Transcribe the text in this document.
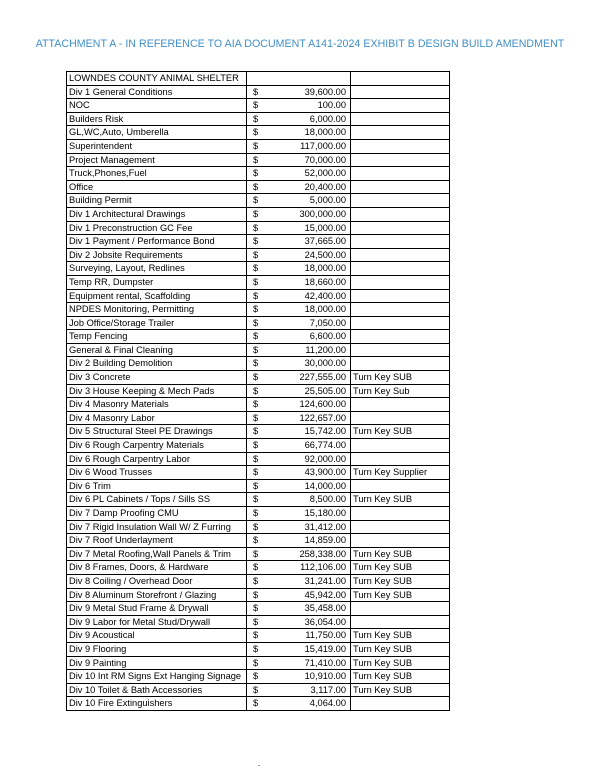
ATTACHMENT A - IN REFERENCE TO AIA DOCUMENT A141-2024 EXHIBIT B DESIGN BUILD AMENDMENT
LOWNDES COUNTY ANIMAL SHELTER		
Div 1 General Conditions	$ 39,600.00	

NOC	$ 100.00	

Builders Risk	$ 6,000.00	

GL,WC,Auto, Umberella	$ 18,000.00	

Superintendent	$ 117,000.00	

Project Management	$ 70,000.00	

Truck,Phones,Fuel	$ 52,000.00	

Office	$ 20,400.00	

Building Permit	$ 5,000.00	

Div 1 Architectural Drawings	$ 300,000.00	

Div 1 Preconstruction GC Fee	$ 15,000.00	

Div 1 Payment / Performance Bond	$ 37,665.00	

Div 2 Jobsite Requirements	$ 24,500.00	

Surveying, Layout, Redlines	$ 18,000.00	

Temp RR, Dumpster	$ 18,660.00	

Equipment rental, Scaffolding	$ 42,400.00	

NPDES Monitoring, Permitting	$ 18,000.00	

Job Office/Storage Trailer	$ 7,050.00	

Temp Fencing	$ 6,600.00	

General & Final Cleaning	$ 11,200.00	

Div 2 Building Demolition	$ 30,000.00	

Div 3 Concrete	$ 227,555.00	Turn Key SUB
Div 3 House Keeping & Mech Pads	$ 25,505.00	Turn Key Sub
Div 4 Masonry Materials	$ 124,600.00	

Div 4 Masonry Labor	$ 122,657.00	

Div 5 Structural Steel PE Drawings	$ 15,742.00	Turn Key SUB
Div 6 Rough Carpentry Materials	$ 66,774.00	

Div 6 Rough Carpentry Labor	$ 92,000.00	

Div 6 Wood Trusses	$ 43,900.00	Turn Key Supplier
Div 6 Trim	$ 14,000.00	

Div 6 PL Cabinets / Tops / Sills SS	$ 8,500.00	Turn Key SUB
Div 7 Damp Proofing CMU	$ 15,180.00	

Div 7 Rigid Insulation Wall W/ Z Furring	$ 31,412.00	

Div 7 Roof Underlayment	$ 14,859.00	

Div 7 Metal Roofing,Wall Panels & Trim	$ 258,338.00	Turn Key SUB
Div 8 Frames, Doors, & Hardware	$ 112,106.00	Turn Key SUB
Div 8 Coiling / Overhead Door	$ 31,241.00	Turn Key SUB
Div 8 Aluminum Storefront / Glazing	$ 45,942.00	Turn Key SUB
Div 9 Metal Stud Frame & Drywall	$ 35,458.00	

Div 9 Labor for Metal Stud/Drywall	$ 36,054.00	

Div 9 Acoustical	$ 11,750.00	Turn Key SUB
Div 9 Flooring	$ 15,419.00	Turn Key SUB
Div 9 Painting	$ 71,410.00	Turn Key SUB
Div 10 Int RM Signs Ext Hanging Signage	$ 10,910.00	Turn Key SUB
Div 10 Toilet & Bath Accessories	$ 3,117.00	Turn Key SUB
Div 10 Fire Extinguishers	$ 4,064.00	
